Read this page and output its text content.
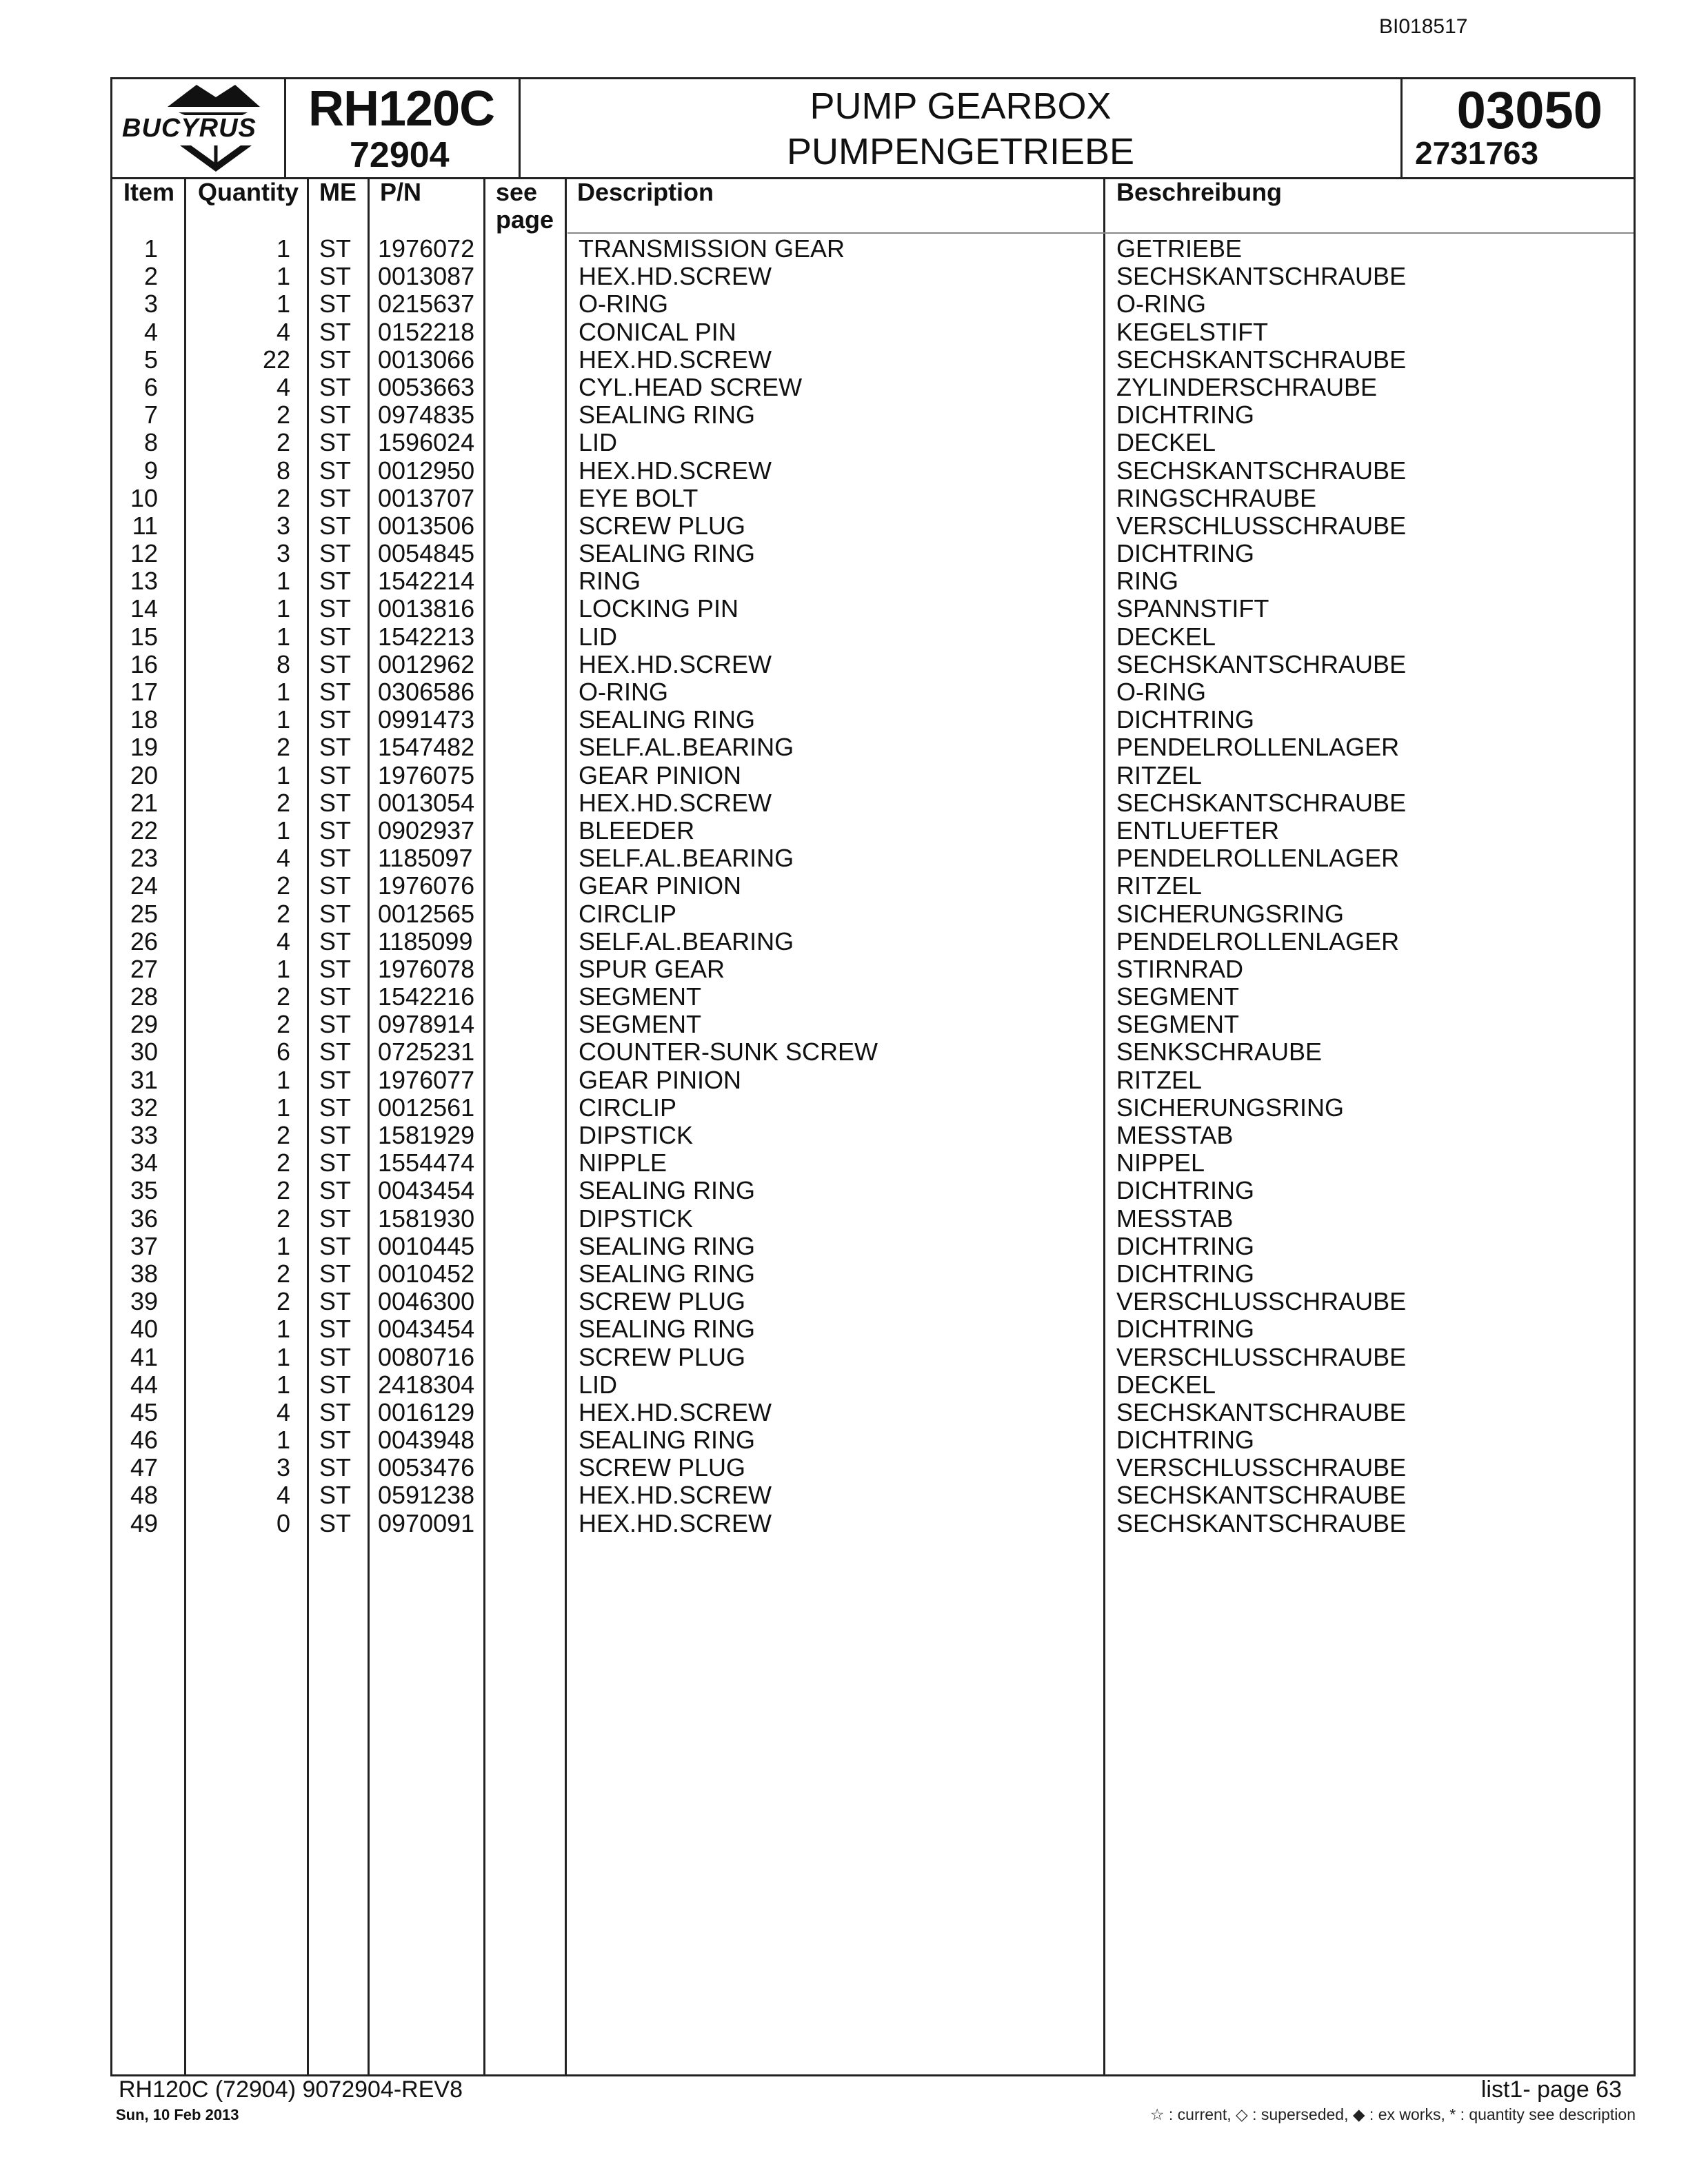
BI018517
BUCYRUS RH120C
72904
PUMP GEARBOX
PUMPENGETRIEBE
03050
2731763
Item Quantity ME P/N	see
page
Description	Beschreibung
1	1 ST 1976072	TRANSMISSION GEAR	GETRIEBE
2	1 ST 0013087	HEX.HD.SCREW	SECHSKANTSCHRAUBE
3	1 ST 0215637	O-RING	O-RING
4	4 ST 0152218	CONICAL PIN	KEGELSTIFT
5	22 ST 0013066	HEX.HD.SCREW	SECHSKANTSCHRAUBE
6	4 ST 0053663	CYL.HEAD SCREW	ZYLINDERSCHRAUBE
7	2 ST 0974835	SEALING RING	DICHTRING
8	2 ST 1596024	LID	DECKEL
9	8 ST 0012950	HEX.HD.SCREW	SECHSKANTSCHRAUBE
10	2 ST 0013707	EYE BOLT	RINGSCHRAUBE
11	3 ST 0013506	SCREW PLUG	VERSCHLUSSCHRAUBE
12	3 ST 0054845	SEALING RING	DICHTRING
13	1 ST 1542214	RING	RING
14	1 ST 0013816	LOCKING PIN	SPANNSTIFT
15	1 ST 1542213	LID	DECKEL
16	8 ST 0012962	HEX.HD.SCREW	SECHSKANTSCHRAUBE
17	1 ST 0306586	O-RING	O-RING
18	1 ST 0991473	SEALING RING	DICHTRING
19	2 ST 1547482	SELF.AL.BEARING	PENDELROLLENLAGER
20	1 ST 1976075	GEAR PINION	RITZEL
21	2 ST 0013054	HEX.HD.SCREW	SECHSKANTSCHRAUBE
22	1 ST 0902937	BLEEDER	ENTLUEFTER
23	4 ST 1185097	SELF.AL.BEARING	PENDELROLLENLAGER
24	2 ST 1976076	GEAR PINION	RITZEL
25	2 ST 0012565	CIRCLIP	SICHERUNGSRING
26	4 ST 1185099	SELF.AL.BEARING	PENDELROLLENLAGER
27	1 ST 1976078	SPUR GEAR	STIRNRAD
28	2 ST 1542216	SEGMENT	SEGMENT
29	2 ST 0978914	SEGMENT	SEGMENT
30	6 ST 0725231	COUNTER-SUNK SCREW	SENKSCHRAUBE
31	1 ST 1976077	GEAR PINION	RITZEL
32	1 ST 0012561	CIRCLIP	SICHERUNGSRING
33	2 ST 1581929	DIPSTICK	MESSTAB
34	2 ST 1554474	NIPPLE	NIPPEL
35	2 ST 0043454	SEALING RING	DICHTRING
36	2 ST 1581930	DIPSTICK	MESSTAB
37	1 ST 0010445	SEALING RING	DICHTRING
38	2 ST 0010452	SEALING RING	DICHTRING
39	2 ST 0046300	SCREW PLUG	VERSCHLUSSCHRAUBE
40	1 ST 0043454	SEALING RING	DICHTRING
41	1 ST 0080716	SCREW PLUG	VERSCHLUSSCHRAUBE
44	1 ST 2418304	LID	DECKEL
45	4 ST 0016129	HEX.HD.SCREW	SECHSKANTSCHRAUBE
46	1 ST 0043948	SEALING RING	DICHTRING
47	3 ST 0053476	SCREW PLUG	VERSCHLUSSCHRAUBE
48	4 ST 0591238	HEX.HD.SCREW	SECHSKANTSCHRAUBE
49	0 ST 0970091	HEX.HD.SCREW	SECHSKANTSCHRAUBE
RH120C (72904) 9072904-REV8
Sun, 10 Feb 2013
list1- page 63
☆ : current, ◇ : superseded, ◆ : ex works, * : quantity see description
